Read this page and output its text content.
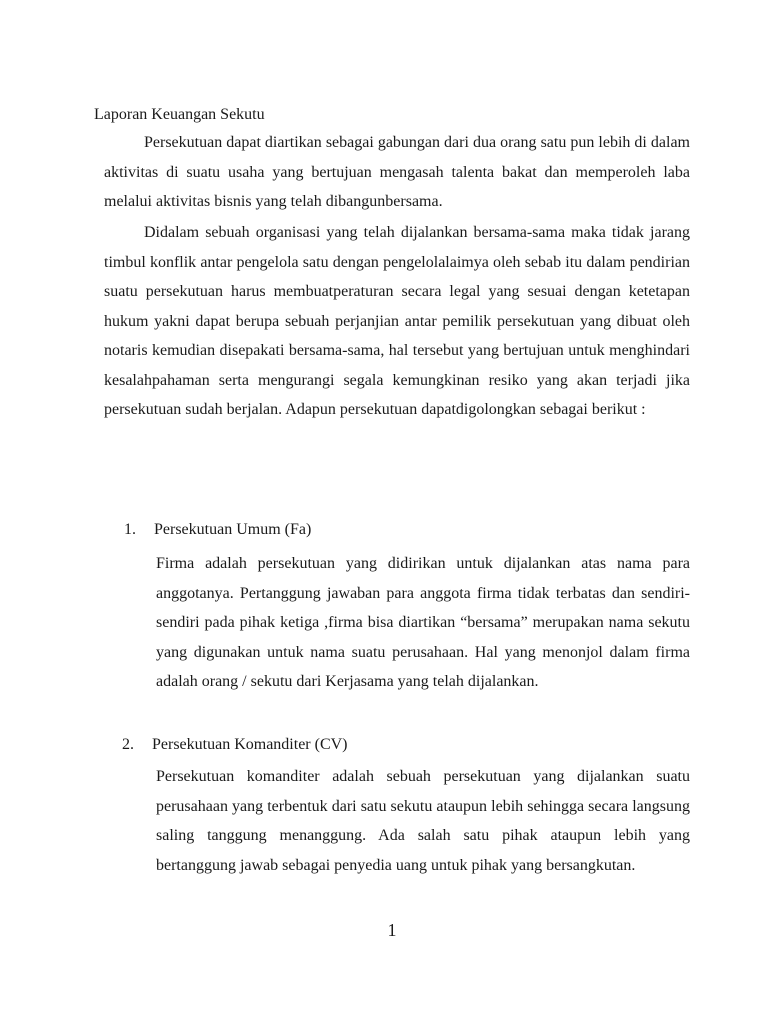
Laporan Keuangan Sekutu

Persekutuan dapat diartikan sebagai gabungan dari dua orang satu pun lebih di dalam aktivitas di suatu usaha yang bertujuan mengasah talenta bakat dan memperoleh laba melalui aktivitas bisnis yang telah dibangunbersama.

Didalam sebuah organisasi yang telah dijalankan bersama-sama maka tidak jarang timbul konflik antar pengelola satu dengan pengelolalaimya oleh sebab itu dalam pendirian suatu persekutuan harus membuatperaturan secara legal yang sesuai dengan ketetapan hukum yakni dapat berupa sebuah perjanjian antar pemilik persekutuan yang dibuat oleh notaris kemudian disepakati bersama-sama, hal tersebut yang bertujuan untuk menghindari kesalahpahaman serta mengurangi segala kemungkinan resiko yang akan terjadi jika persekutuan sudah berjalan. Adapun persekutuan dapatdigolongkan sebagai berikut :

1. Persekutuan Umum (Fa)

Firma adalah persekutuan yang didirikan untuk dijalankan atas nama para anggotanya. Pertanggung jawaban para anggota firma tidak terbatas dan sendiri-sendiri pada pihak ketiga ,firma bisa diartikan “bersama” merupakan nama sekutu yang digunakan untuk nama suatu perusahaan. Hal yang menonjol dalam firma adalah orang / sekutu dari Kerjasama yang telah dijalankan.

2. Persekutuan Komanditer (CV)

Persekutuan komanditer adalah sebuah persekutuan yang dijalankan suatu perusahaan yang terbentuk dari satu sekutu ataupun lebih sehingga secara langsung saling tanggung menanggung. Ada salah satu pihak ataupun lebih yang bertanggung jawab sebagai penyedia uang untuk pihak yang bersangkutan.

1
